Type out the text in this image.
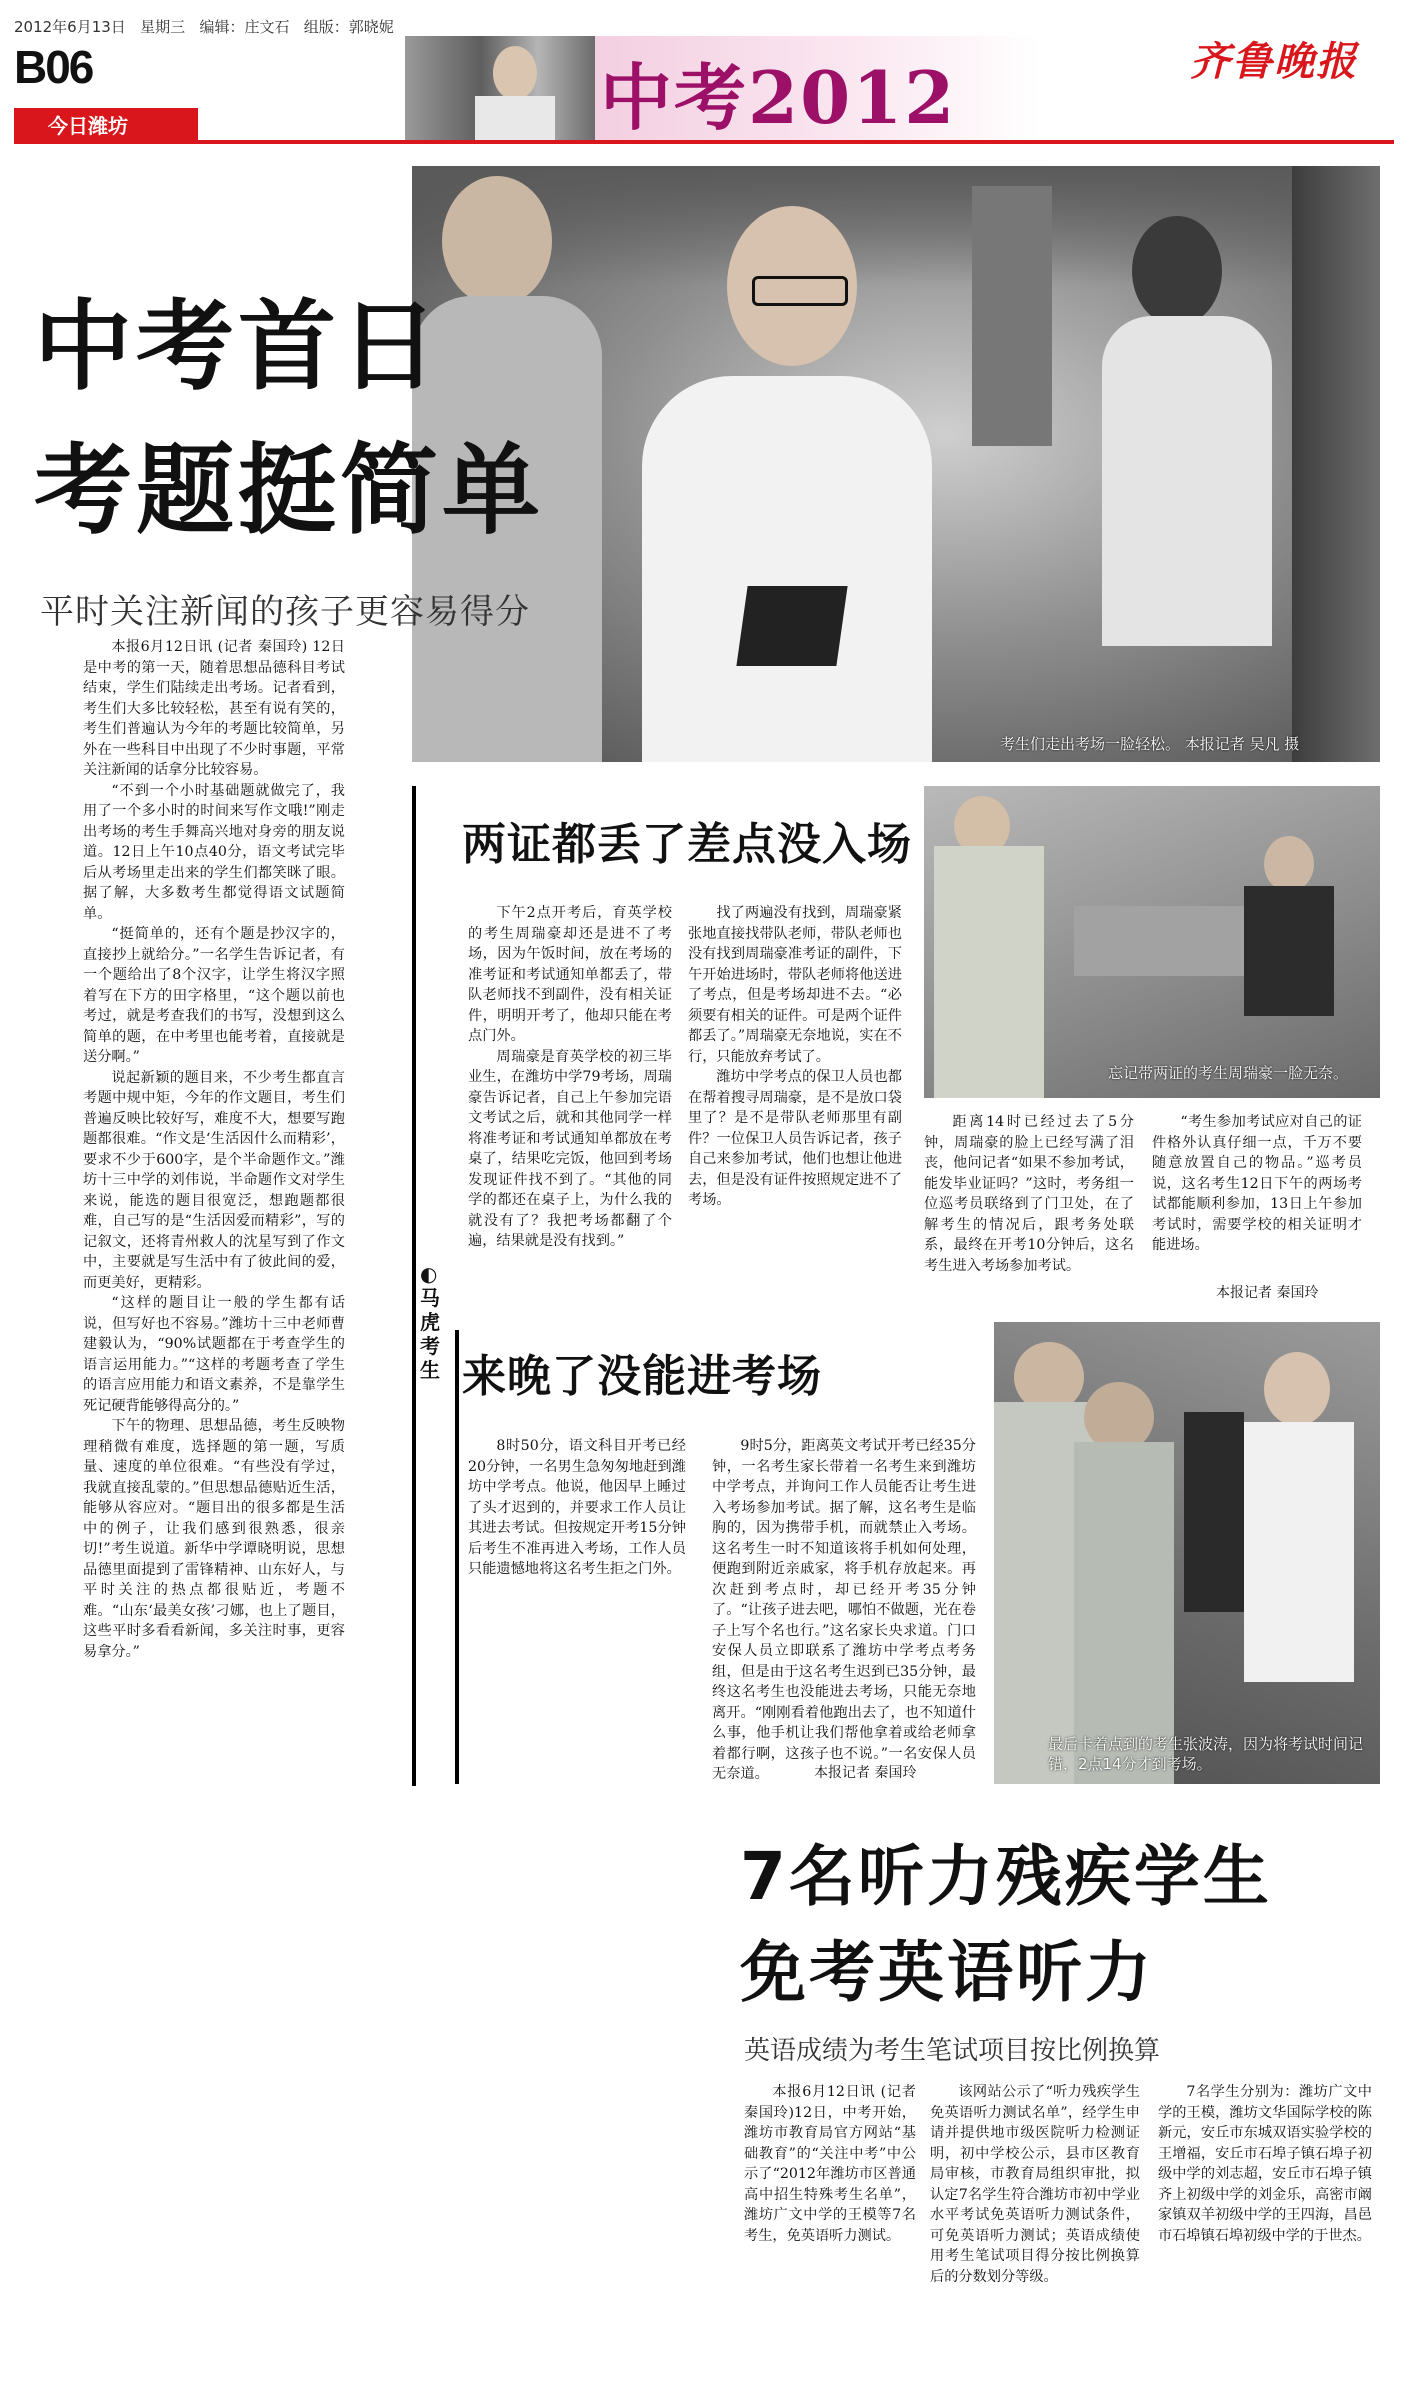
2012年6月13日 星期三 编辑：庄文石 组版：郭晓妮
B06
今日潍坊	中考2012	齐鲁晚报
考生们走出考场一脸轻松。 本报记者 吴凡 摄
中考首日
考题挺简单
平时关注新闻的孩子更容易得分

本报6月12日讯 (记者 秦国玲) 12日是中考的第一天，随着思想品德科目考试结束，学生们陆续走出考场。记者看到，考生们大多比较轻松，甚至有说有笑的，考生们普遍认为今年的考题比较简单，另外在一些科目中出现了不少时事题，平常关注新闻的话拿分比较容易。

“不到一个小时基础题就做完了，我用了一个多小时的时间来写作文哦!”刚走出考场的考生手舞高兴地对身旁的朋友说道。12日上午10点40分，语文考试完毕后从考场里走出来的学生们都笑眯了眼。据了解，大多数考生都觉得语文试题简单。

“挺简单的，还有个题是抄汉字的，直接抄上就给分。”一名学生告诉记者，有一个题给出了8个汉字，让学生将汉字照着写在下方的田字格里，“这个题以前也考过，就是考查我们的书写，没想到这么简单的题，在中考里也能考着，直接就是送分啊。”

说起新颖的题目来，不少考生都直言考题中规中矩，今年的作文题目，考生们普遍反映比较好写，难度不大，想要写跑题都很难。“作文是‘生活因什么而精彩’，要求不少于600字，是个半命题作文。”潍坊十三中学的刘伟说，半命题作文对学生来说，能选的题目很宽泛，想跑题都很难，自己写的是“生活因爱而精彩”，写的记叙文，还将青州救人的沈星写到了作文中，主要就是写生活中有了彼此间的爱，而更美好，更精彩。

“这样的题目让一般的学生都有话说，但写好也不容易。”潍坊十三中老师曹建毅认为，“90%试题都在于考查学生的语言运用能力。”“这样的考题考查了学生的语言应用能力和语文素养，不是靠学生死记硬背能够得高分的。”

下午的物理、思想品德，考生反映物理稍微有难度，选择题的第一题，写质量、速度的单位很难。“有些没有学过，我就直接乱蒙的。”但思想品德贴近生活，能够从容应对。“题目出的很多都是生活中的例子，让我们感到很熟悉，很亲切!”考生说道。新华中学谭晓明说，思想品德里面提到了雷锋精神、山东好人，与平时关注的热点都很贴近，考题不难。“山东‘最美女孩’刁娜，也上了题目，这些平时多看看新闻，多关注时事，更容易拿分。”

◐马虎考生
两证都丢了差点没入场
忘记带两证的考生周瑞豪一脸无奈。

下午2点开考后，育英学校的考生周瑞豪却还是进不了考场，因为午饭时间，放在考场的准考证和考试通知单都丢了，带队老师找不到副件，没有相关证件，明明开考了，他却只能在考点门外。

周瑞豪是育英学校的初三毕业生，在潍坊中学79考场，周瑞豪告诉记者，自己上午参加完语文考试之后，就和其他同学一样将准考证和考试通知单都放在考桌了，结果吃完饭，他回到考场发现证件找不到了。“其他的同学的都还在桌子上，为什么我的就没有了？我把考场都翻了个遍，结果就是没有找到。”

找了两遍没有找到，周瑞豪紧张地直接找带队老师，带队老师也没有找到周瑞豪准考证的副件，下午开始进场时，带队老师将他送进了考点，但是考场却进不去。“必须要有相关的证件。可是两个证件都丢了。”周瑞豪无奈地说，实在不行，只能放弃考试了。

潍坊中学考点的保卫人员也都在帮着搜寻周瑞豪，是不是放口袋里了？是不是带队老师那里有副件？一位保卫人员告诉记者，孩子自己来参加考试，他们也想让他进去，但是没有证件按照规定进不了考场。

距离14时已经过去了5分钟，周瑞豪的脸上已经写满了泪丧，他问记者“如果不参加考试，能发毕业证吗？”这时，考务组一位巡考员联络到了门卫处，在了解考生的情况后，跟考务处联系，最终在开考10分钟后，这名考生进入考场参加考试。

“考生参加考试应对自己的证件格外认真仔细一点，千万不要随意放置自己的物品。”巡考员说，这名考生12日下午的两场考试都能顺利参加，13日上午参加考试时，需要学校的相关证明才能进场。

本报记者 秦国玲
来晚了没能进考场
最后卡着点到的考生张波涛，因为将考试时间记错，2点14分才到考场。

8时50分，语文科目开考已经20分钟，一名男生急匆匆地赶到潍坊中学考点。他说，他因早上睡过了头才迟到的，并要求工作人员让其进去考试。但按规定开考15分钟后考生不准再进入考场，工作人员只能遗憾地将这名考生拒之门外。

9时5分，距离英文考试开考已经35分钟，一名考生家长带着一名考生来到潍坊中学考点，并询问工作人员能否让考生进入考场参加考试。据了解，这名考生是临朐的，因为携带手机，而就禁止入考场。这名考生一时不知道该将手机如何处理，便跑到附近亲戚家，将手机存放起来。再次赶到考点时，却已经开考35分钟了。“让孩子进去吧，哪怕不做题，光在卷子上写个名也行。”这名家长央求道。门口安保人员立即联系了潍坊中学考点考务组，但是由于这名考生迟到已35分钟，最终这名考生也没能进去考场，只能无奈地离开。“刚刚看着他跑出去了，也不知道什么事，他手机让我们帮他拿着或给老师拿着都行啊，这孩子也不说。”一名安保人员无奈道。	本报记者 秦国玲
7名听力残疾学生
免考英语听力
英语成绩为考生笔试项目按比例换算

本报6月12日讯 (记者 秦国玲)12日，中考开始，潍坊市教育局官方网站“基础教育”的“关注中考”中公示了“2012年潍坊市区普通高中招生特殊考生名单”，潍坊广文中学的王模等7名考生，免英语听力测试。

该网站公示了“听力残疾学生免英语听力测试名单”，经学生申请并提供地市级医院听力检测证明，初中学校公示，县市区教育局审核，市教育局组织审批，拟认定7名学生符合潍坊市初中学业水平考试免英语听力测试条件，可免英语听力测试；英语成绩使用考生笔试项目得分按比例换算后的分数划分等级。

7名学生分别为：潍坊广文中学的王模，潍坊文华国际学校的陈新元，安丘市东城双语实验学校的王增福，安丘市石埠子镇石埠子初级中学的刘志超，安丘市石埠子镇齐上初级中学的刘金乐，高密市阚家镇双羊初级中学的王四海，昌邑市石埠镇石埠初级中学的于世杰。
